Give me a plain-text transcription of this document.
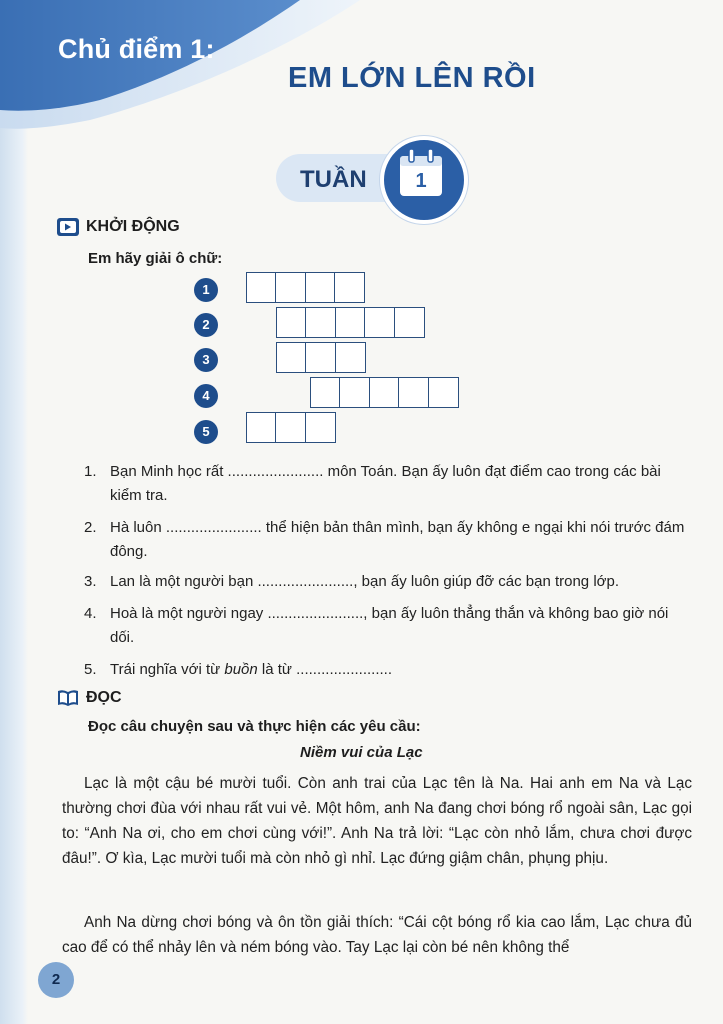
Chủ điểm 1:
EM LỚN LÊN RỒI
TUẦN 1
KHỞI ĐỘNG
Em hãy giải ô chữ:
1
2
3
4
5
1. Bạn Minh học rất ....................... môn Toán. Bạn ấy luôn đạt điểm cao trong các bài kiểm tra.
2. Hà luôn ....................... thể hiện bản thân mình, bạn ấy không e ngại khi nói trước đám đông.
3. Lan là một người bạn ......................., bạn ấy luôn giúp đỡ các bạn trong lớp.
4. Hoà là một người ngay ......................., bạn ấy luôn thẳng thắn và không bao giờ nói dối.
5. Trái nghĩa với từ buồn là từ .......................
ĐỌC
Đọc câu chuyện sau và thực hiện các yêu cầu:
Niềm vui của Lạc
Lạc là một cậu bé mười tuổi. Còn anh trai của Lạc tên là Na. Hai anh em Na và Lạc thường chơi đùa với nhau rất vui vẻ. Một hôm, anh Na đang chơi bóng rổ ngoài sân, Lạc gọi to: “Anh Na ơi, cho em chơi cùng với!”. Anh Na trả lời: “Lạc còn nhỏ lắm, chưa chơi được đâu!”. Ơ kìa, Lạc mười tuổi mà còn nhỏ gì nhỉ. Lạc đứng giậm chân, phụng phịu.
Anh Na dừng chơi bóng và ôn tồn giải thích: “Cái cột bóng rổ kia cao lắm, Lạc chưa đủ cao để có thể nhảy lên và ném bóng vào. Tay Lạc lại còn bé nên không thể
2
